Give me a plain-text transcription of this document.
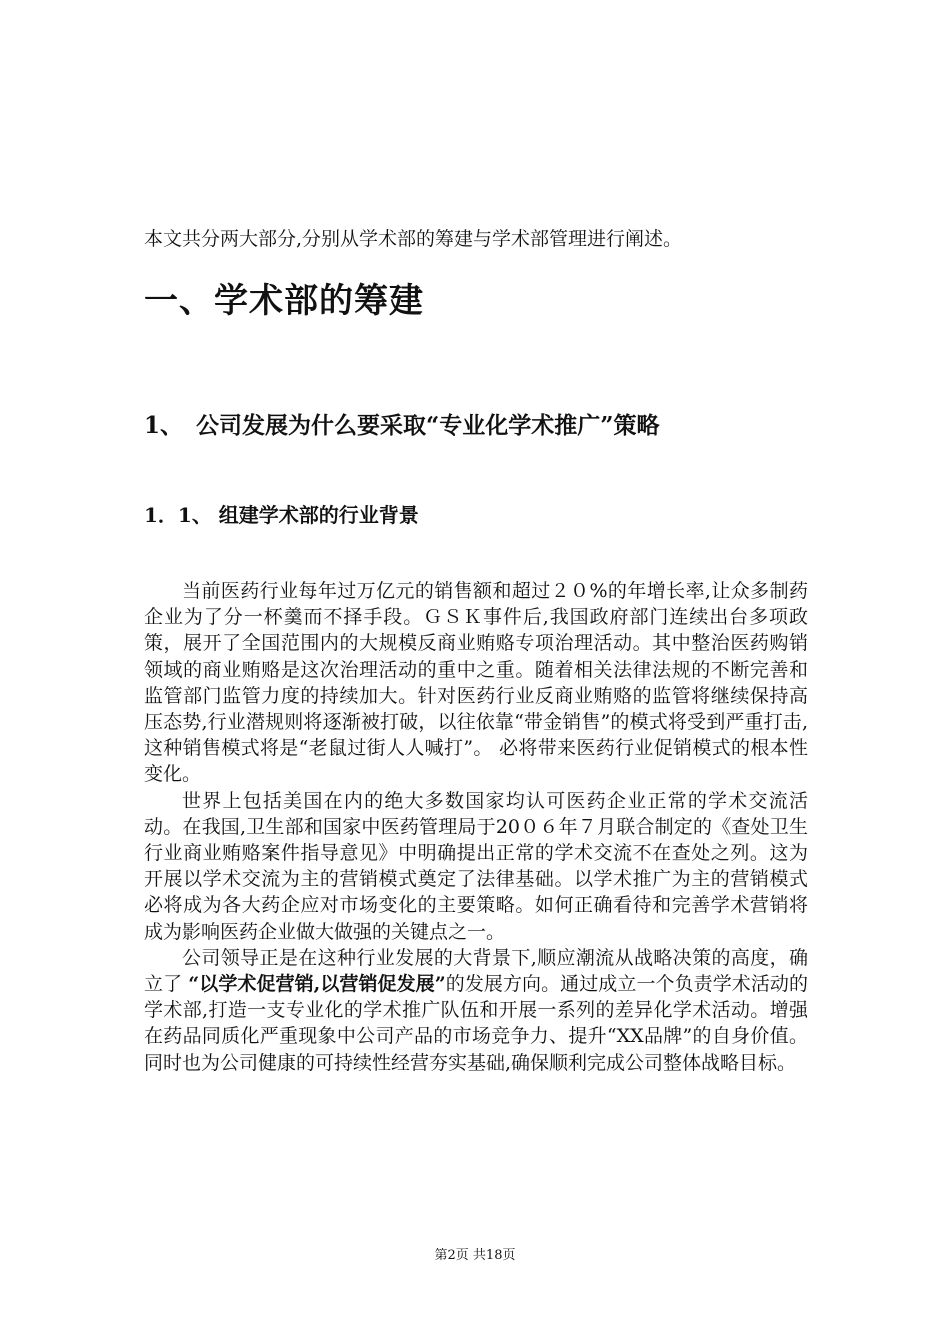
本文共分两大部分,分别从学术部的筹建与学术部管理进行阐述。
一、学术部的筹建
1、 公司发展为什么要采取“专业化学术推广”策略
1．1、 组建学术部的行业背景

当前医药行业每年过万亿元的销售额和超过２０%的年增长率,让众多制药企业为了分一杯羹而不择手段。ＧＳＫ事件后,我国政府部门连续出台多项政策，展开了全国范围内的大规模反商业贿赂专项治理活动。其中整治医药购销领域的商业贿赂是这次治理活动的重中之重。随着相关法律法规的不断完善和监管部门监管力度的持续加大。针对医药行业反商业贿赂的监管将继续保持高压态势,行业潜规则将逐渐被打破，以往依靠“带金销售”的模式将受到严重打击,这种销售模式将是“老鼠过街人人喊打”。 必将带来医药行业促销模式的根本性变化。

世界上包括美国在内的绝大多数国家均认可医药企业正常的学术交流活动。在我国,卫生部和国家中医药管理局于20０６年７月联合制定的《查处卫生行业商业贿赂案件指导意见》中明确提出正常的学术交流不在查处之列。这为开展以学术交流为主的营销模式奠定了法律基础。以学术推广为主的营销模式必将成为各大药企应对市场变化的主要策略。如何正确看待和完善学术营销将成为影响医药企业做大做强的关键点之一。

公司领导正是在这种行业发展的大背景下,顺应潮流从战略决策的高度，确立了 “以学术促营销,以营销促发展”的发展方向。通过成立一个负责学术活动的学术部,打造一支专业化的学术推广队伍和开展一系列的差异化学术活动。增强在药品同质化严重现象中公司产品的市场竞争力、提升“XX品牌”的自身价值。同时也为公司健康的可持续性经营夯实基础,确保顺利完成公司整体战略目标。

第2页 共18页
